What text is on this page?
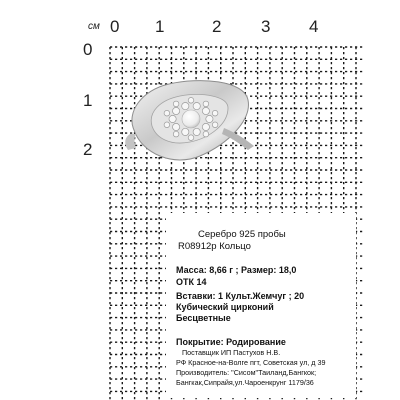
см 0 1	2 3 4
0
1
2
Серебро 925 пробы
R08912p Кольцо
Масса: 8,66 г ; Размер: 18,0
ОТК 14
Вставки: 1 Культ.Жемчуг ; 20
Кубический цирконий
Бесцветные
Покрытие: Родирование
Поставщик ИП Пастухов Н.В.
РФ Красное-на-Волге пгт, Советская ул, д 39
Производитель: "Сисом"Таиланд,Бангкок;
Бангкак,Сипрайя,ул.Чароенкрунг 1179/36
